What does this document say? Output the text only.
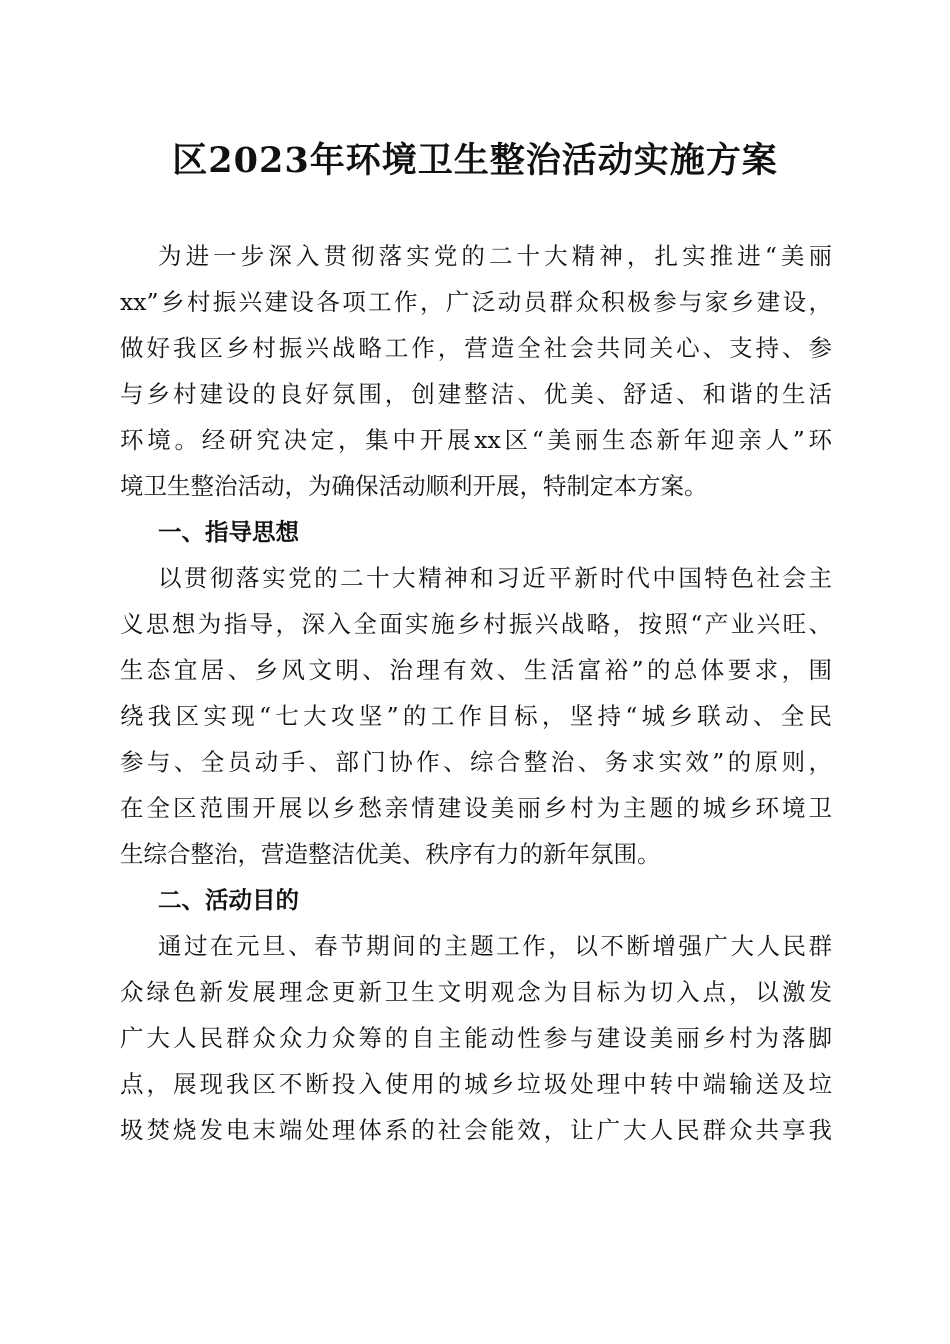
区2023年环境卫生整治活动实施方案
为进一步深入贯彻落实党的二十大精神，扎实推进“美丽
xx”乡村振兴建设各项工作，广泛动员群众积极参与家乡建设，
做好我区乡村振兴战略工作，营造全社会共同关心、支持、参
与乡村建设的良好氛围，创建整洁、优美、舒适、和谐的生活
环境。经研究决定，集中开展xx区“美丽生态新年迎亲人”环
境卫生整治活动，为确保活动顺利开展，特制定本方案。
一、指导思想
以贯彻落实党的二十大精神和习近平新时代中国特色社会主
义思想为指导，深入全面实施乡村振兴战略，按照“产业兴旺、
生态宜居、乡风文明、治理有效、生活富裕”的总体要求，围
绕我区实现“七大攻坚”的工作目标，坚持“城乡联动、全民
参与、全员动手、部门协作、综合整治、务求实效”的原则，
在全区范围开展以乡愁亲情建设美丽乡村为主题的城乡环境卫
生综合整治，营造整洁优美、秩序有力的新年氛围。
二、活动目的
通过在元旦、春节期间的主题工作，以不断增强广大人民群
众绿色新发展理念更新卫生文明观念为目标为切入点，以激发
广大人民群众众力众筹的自主能动性参与建设美丽乡村为落脚
点，展现我区不断投入使用的城乡垃圾处理中转中端输送及垃
圾焚烧发电末端处理体系的社会能效，让广大人民群众共享我
